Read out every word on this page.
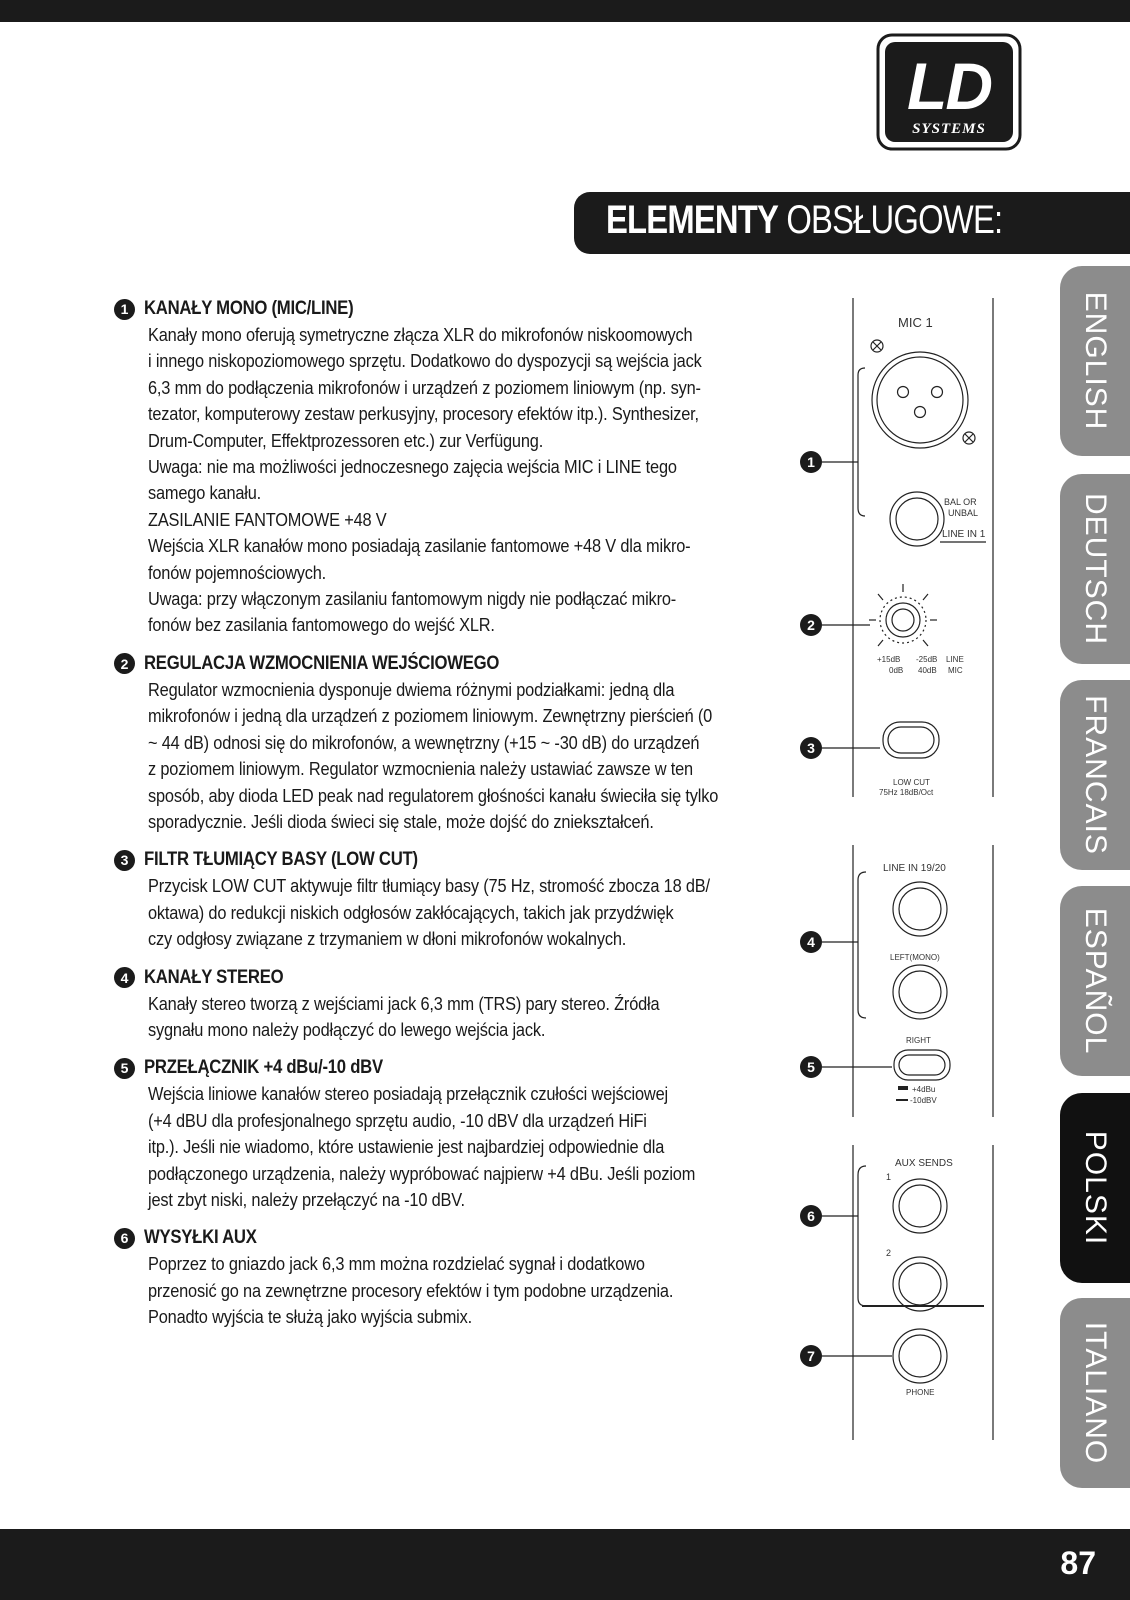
LD
SYSTEMS
ELEMENTY OBSŁUGOWE:
1 KANAŁY MONO (MIC/LINE)

Kanały mono oferują symetryczne złącza XLR do mikrofonów niskoomowych

i innego niskopoziomowego sprzętu. Dodatkowo do dyspozycji są wejścia jack

6,3 mm do podłączenia mikrofonów i urządzeń z poziomem liniowym (np. syn-

tezator, komputerowy zestaw perkusyjny, procesory efektów itp.). Synthesizer,

Drum-Computer, Effektprozessoren etc.) zur Verfügung.

Uwaga: nie ma możliwości jednoczesnego zajęcia wejścia MIC i LINE tego

samego kanału.

ZASILANIE FANTOMOWE +48 V

Wejścia XLR kanałów mono posiadają zasilanie fantomowe +48 V dla mikro-

fonów pojemnościowych.

Uwaga: przy włączonym zasilaniu fantomowym nigdy nie podłączać mikro-

fonów bez zasilania fantomowego do wejść XLR.

2 REGULACJA WZMOCNIENIA WEJŚCIOWEGO

Regulator wzmocnienia dysponuje dwiema różnymi podziałkami: jedną dla

mikrofonów i jedną dla urządzeń z poziomem liniowym. Zewnętrzny pierścień (0

~ 44 dB) odnosi się do mikrofonów, a wewnętrzny (+15 ~ -30 dB) do urządzeń

z poziomem liniowym. Regulator wzmocnienia należy ustawiać zawsze w ten

sposób, aby dioda LED peak nad regulatorem głośności kanału świeciła się tylko

sporadycznie. Jeśli dioda świeci się stale, może dojść do zniekształceń.

3 FILTR TŁUMIĄCY BASY (LOW CUT)

Przycisk LOW CUT aktywuje filtr tłumiący basy (75 Hz, stromość zbocza 18 dB/

oktawa) do redukcji niskich odgłosów zakłócających, takich jak przydźwięk

czy odgłosy związane z trzymaniem w dłoni mikrofonów wokalnych.

4 KANAŁY STEREO

Kanały stereo tworzą z wejściami jack 6,3 mm (TRS) pary stereo. Źródła

sygnału mono należy podłączyć do lewego wejścia jack.

5 PRZEŁĄCZNIK +4 dBu/-10 dBV

Wejścia liniowe kanałów stereo posiadają przełącznik czułości wejściowej

(+4 dBU dla profesjonalnego sprzętu audio, -10 dBV dla urządzeń HiFi

itp.). Jeśli nie wiadomo, które ustawienie jest najbardziej odpowiednie dla

podłączonego urządzenia, należy wypróbować najpierw +4 dBu. Jeśli poziom

jest zbyt niski, należy przełączyć na -10 dBV.

6 WYSYŁKI AUX

Poprzez to gniazdo jack 6,3 mm można rozdzielać sygnał i dodatkowo

przenosić go na zewnętrzne procesory efektów i tym podobne urządzenia.

Ponadto wyjścia te służą jako wyjścia submix.

MIC 1
BAL OR
UNBAL
LINE IN 1
+15dB
0dB
-25dB
40dB
LINE
MIC
LOW CUT
75Hz 18dB/Oct
LINE IN 19/20
LEFT(MONO)
RIGHT
+4dBu
-10dBV
AUX SENDS
1
2
PHONE
1
2
3
4
5
6
7
ENGLISH
DEUTSCH
FRANCAIS
ESPAÑOL
POLSKI
ITALIANO
87
